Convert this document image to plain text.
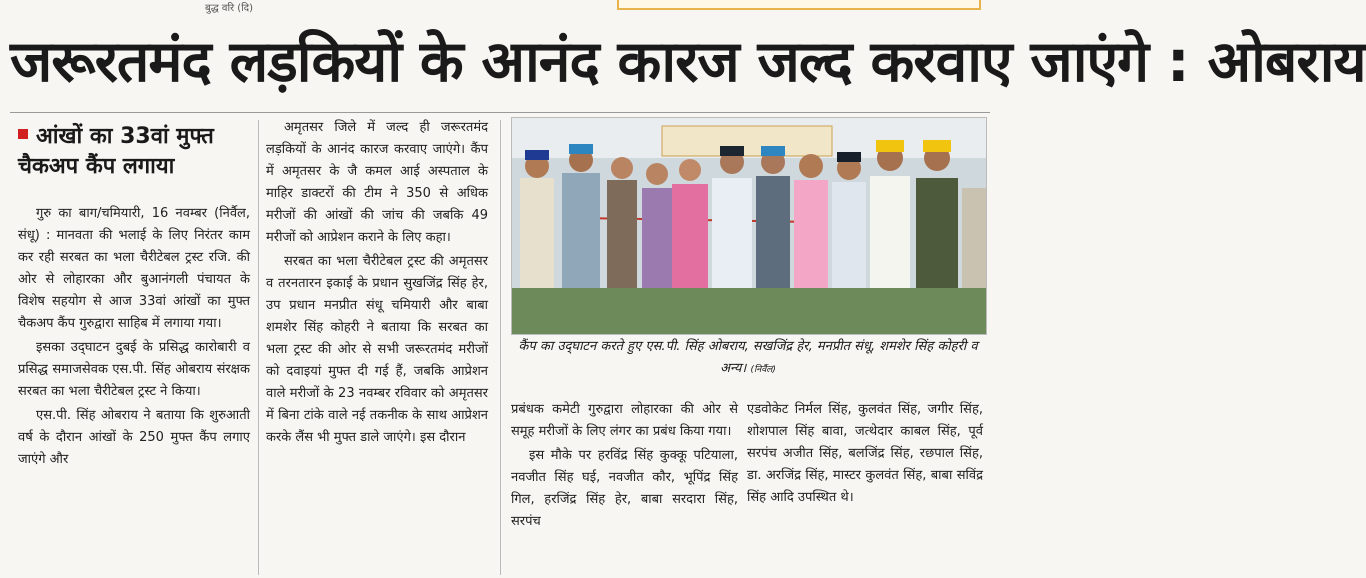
बुद्ध वरि (दि)
जरूरतमंद लड़कियों के आनंद कारज जल्द करवाए जाएंगे : ओबराय
आंखों का 33वां मुफ्त चैकअप कैंप लगाया

गुरु का बाग/चमियारी, 16 नवम्बर (निर्वैल, संधू) : मानवता की भलाई के लिए निरंतर काम कर रही सरबत का भला चैरीटेबल ट्रस्ट रजि. की ओर से लोहारका और बुआनंगली पंचायत के विशेष सहयोग से आज 33वां आंखों का मुफ्त चैकअप कैंप गुरुद्वारा साहिब में लगाया गया।

इसका उद्‌घाटन दुबई के प्रसिद्ध कारोबारी व प्रसिद्ध समाजसेवक एस.पी. सिंह ओबराय संरक्षक सरबत का भला चैरीटेबल ट्रस्ट ने किया।

एस.पी. सिंह ओबराय ने बताया कि शुरुआती वर्ष के दौरान आंखों के 250 मुफ्त कैंप लगाए जाएंगे और

अमृतसर जिले में जल्द ही जरूरतमंद लड़कियों के आनंद कारज करवाए जाएंगे। कैंप में अमृतसर के जै कमल आई अस्पताल के माहिर डाक्टरों की टीम ने 350 से अधिक मरीजों की आंखों की जांच की जबकि 49 मरीजों को आप्रेशन कराने के लिए कहा।

सरबत का भला चैरीटेबल ट्रस्ट की अमृतसर व तरनतारन इकाई के प्रधान सुखजिंद्र सिंह हेर, उप प्रधान मनप्रीत संधू चमियारी और बाबा शमशेर सिंह कोहरी ने बताया कि सरबत का भला ट्रस्ट की ओर से सभी जरूरतमंद मरीजों को दवाइयां मुफ्त दी गई हैं, जबकि आप्रेशन वाले मरीजों के 23 नवम्बर रविवार को अमृतसर में बिना टांके वाले नई तकनीक के साथ आप्रेशन करके लैंस भी मुफ्त डाले जाएंगे। इस दौरान

कैंप का उद्‌घाटन करते हुए एस.पी. सिंह ओबराय, सखजिंद्र हेर, मनप्रीत संधू, शमशेर सिंह कोहरी व अन्य। (निर्वैल)

प्रबंधक कमेटी गुरुद्वारा लोहारका की ओर से समूह मरीजों के लिए लंगर का प्रबंध किया गया।

इस मौके पर हरविंद्र सिंह कुक्कू पटियाला, नवजीत सिंह घई, नवजीत कौर, भूपिंद्र सिंह गिल, हरजिंद्र सिंह हेर, बाबा सरदारा सिंह, सरपंच

एडवोकेट निर्मल सिंह, कुलवंत सिंह, जगीर सिंह, शोशपाल सिंह बावा, जत्थेदार काबल सिंह, पूर्व सरपंच अजीत सिंह, बलजिंद्र सिंह, रछपाल सिंह, डा. अरजिंद्र सिंह, मास्टर कुलवंत सिंह, बाबा सविंद्र सिंह आदि उपस्थित थे।
